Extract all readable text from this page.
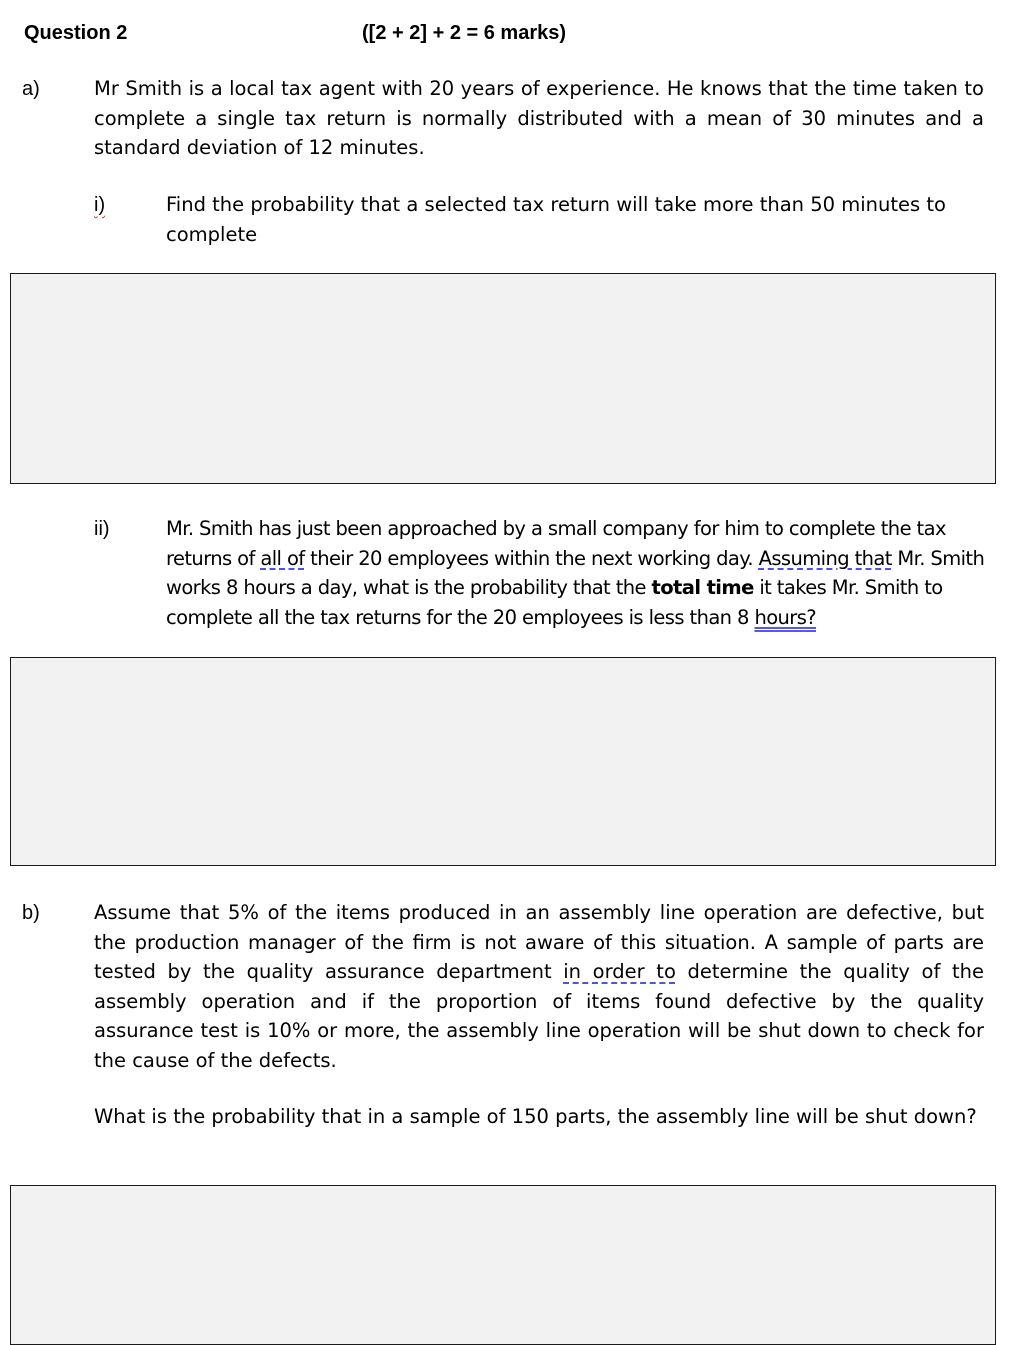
Question 2	([2 + 2] + 2 = 6 marks)
a)	Mr Smith is a local tax agent with 20 years of experience. He knows that the time taken to complete a single tax return is normally distributed with a mean of 30 minutes and a standard deviation of 12 minutes.
i)	Find the probability that a selected tax return will take more than 50 minutes to complete
ii)	Mr. Smith has just been approached by a small company for him to complete the tax returns of all of their 20 employees within the next working day. Assuming that Mr. Smith works 8 hours a day, what is the probability that the total time it takes Mr. Smith to complete all the tax returns for the 20 employees is less than 8 hours?
b)	Assume that 5% of the items produced in an assembly line operation are defective, but the production manager of the firm is not aware of this situation. A sample of parts are tested by the quality assurance department in order to determine the quality of the assembly operation and if the proportion of items found defective by the quality assurance test is 10% or more, the assembly line operation will be shut down to check for the cause of the defects.
What is the probability that in a sample of 150 parts, the assembly line will be shut down?
